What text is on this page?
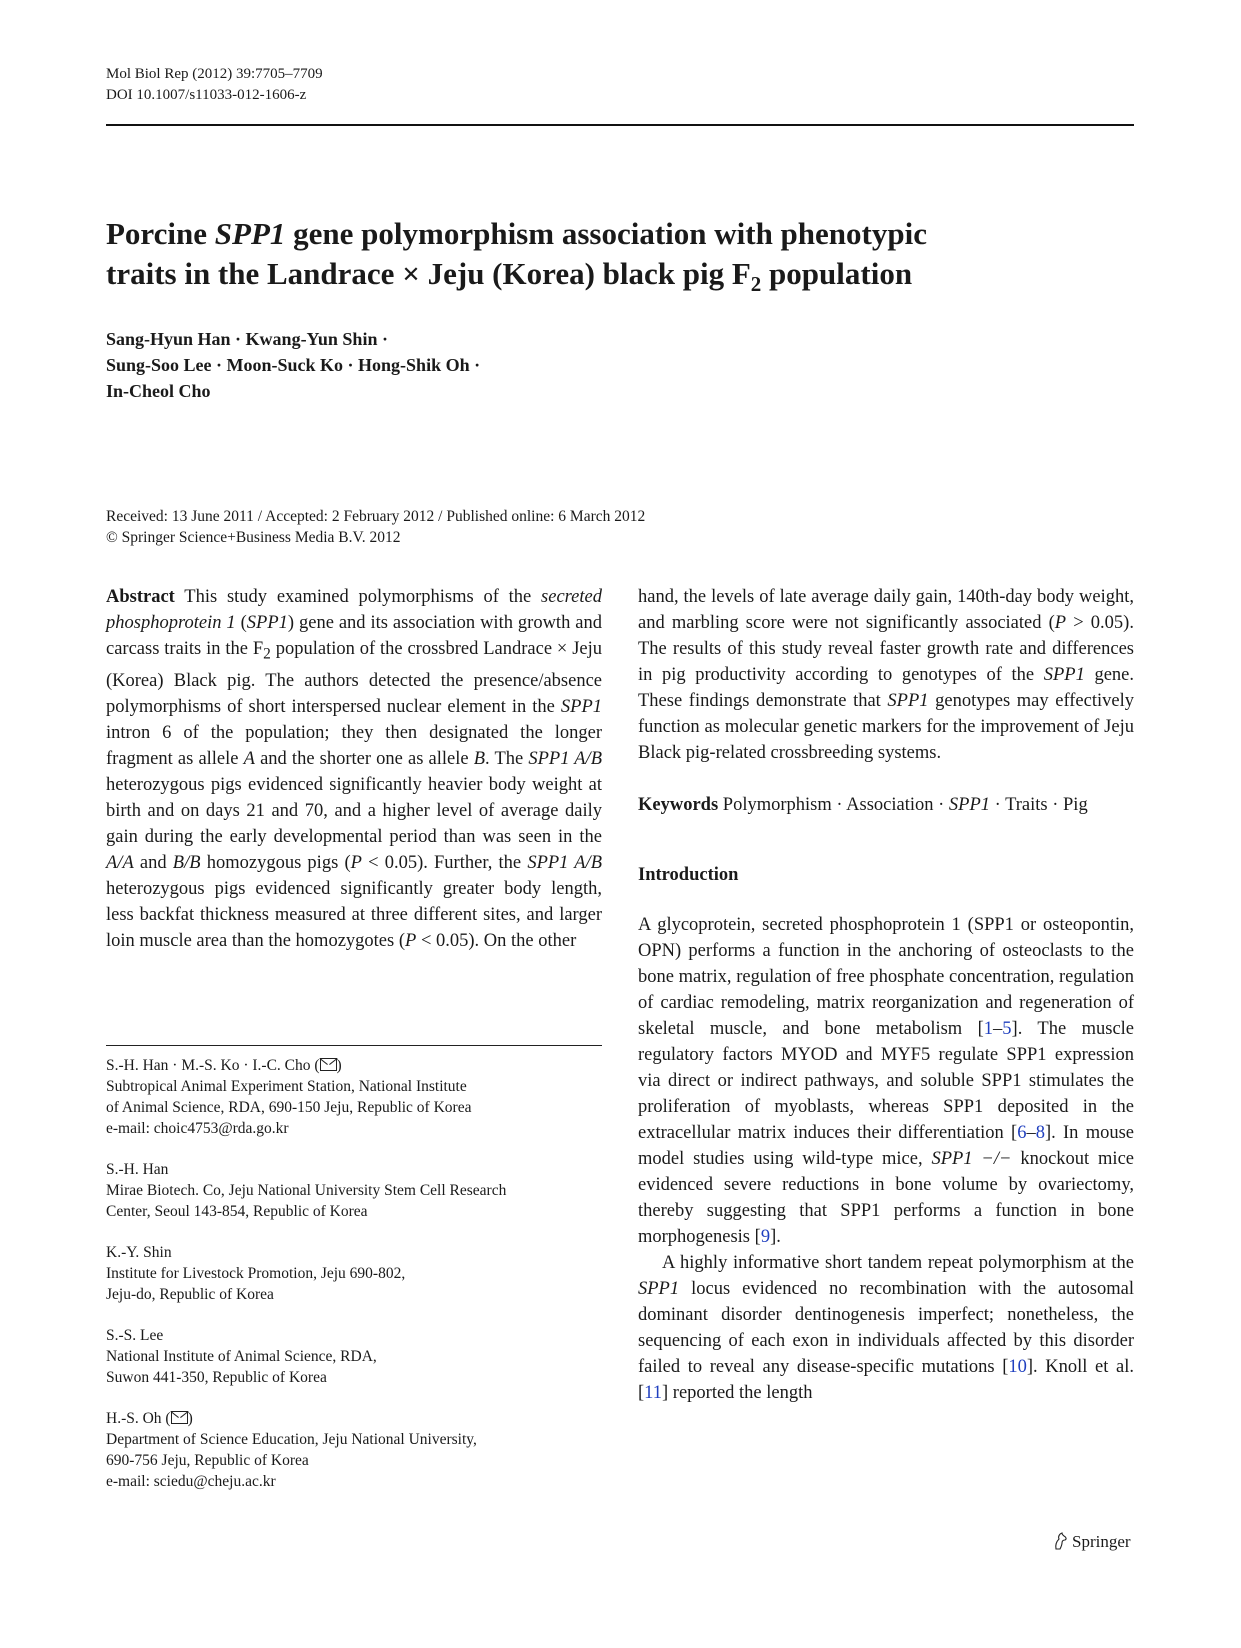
Mol Biol Rep (2012) 39:7705–7709
DOI 10.1007/s11033-012-1606-z
Porcine SPP1 gene polymorphism association with phenotypic
traits in the Landrace × Jeju (Korea) black pig $F_2$ population
Sang-Hyun Han · Kwang-Yun Shin ·
Sung-Soo Lee · Moon-Suck Ko · Hong-Shik Oh ·
In-Cheol Cho
Received: 13 June 2011 / Accepted: 2 February 2012 / Published online: 6 March 2012
© Springer Science+Business Media B.V. 2012

Abstract This study examined polymorphisms of the secreted phosphoprotein 1 (SPP1) gene and its association with growth and carcass traits in the $F_2$ population of the crossbred Landrace × Jeju (Korea) Black pig. The authors detected the presence/absence polymorphisms of short interspersed nuclear element in the SPP1 intron 6 of the population; they then designated the longer fragment as allele A and the shorter one as allele B. The SPP1 A/B heterozygous pigs evidenced significantly heavier body weight at birth and on days 21 and 70, and a higher level of average daily gain during the early developmental period than was seen in the A/A and B/B homozygous pigs (P < 0.05). Further, the SPP1 A/B heterozygous pigs evidenced significantly greater body length, less backfat thickness measured at three different sites, and larger loin muscle area than the homozygotes (P < 0.05). On the other

hand, the levels of late average daily gain, 140th-day body weight, and marbling score were not significantly associated (P > 0.05). The results of this study reveal faster growth rate and differences in pig productivity according to genotypes of the SPP1 gene. These findings demonstrate that SPP1 genotypes may effectively function as molecular genetic markers for the improvement of Jeju Black pig-related crossbreeding systems.

Keywords Polymorphism · Association · SPP1 · Traits · Pig

Introduction

A glycoprotein, secreted phosphoprotein 1 (SPP1 or osteopontin, OPN) performs a function in the anchoring of osteoclasts to the bone matrix, regulation of free phosphate concentration, regulation of cardiac remodeling, matrix reorganization and regeneration of skeletal muscle, and bone metabolism [1–5]. The muscle regulatory factors MYOD and MYF5 regulate SPP1 expression via direct or indirect pathways, and soluble SPP1 stimulates the proliferation of myoblasts, whereas SPP1 deposited in the extracellular matrix induces their differentiation [6–8]. In mouse model studies using wild-type mice, SPP1 −/− knockout mice evidenced severe reductions in bone volume by ovariectomy, thereby suggesting that SPP1 performs a function in bone morphogenesis [9].

A highly informative short tandem repeat polymorphism at the SPP1 locus evidenced no recombination with the autosomal dominant disorder dentinogenesis imperfect; nonetheless, the sequencing of each exon in individuals affected by this disorder failed to reveal any disease-specific mutations [10]. Knoll et al. [11] reported the length

S.-H. Han · M.-S. Ko · I.-C. Cho ( )
Subtropical Animal Experiment Station, National Institute
of Animal Science, RDA, 690-150 Jeju, Republic of Korea
e-mail: choic4753@rda.go.kr
S.-H. Han
Mirae Biotech. Co, Jeju National University Stem Cell Research
Center, Seoul 143-854, Republic of Korea
K.-Y. Shin
Institute for Livestock Promotion, Jeju 690-802,
Jeju-do, Republic of Korea
S.-S. Lee
National Institute of Animal Science, RDA,
Suwon 441-350, Republic of Korea
H.-S. Oh ( )
Department of Science Education, Jeju National University,
690-756 Jeju, Republic of Korea
e-mail: sciedu@cheju.ac.kr
Springer
